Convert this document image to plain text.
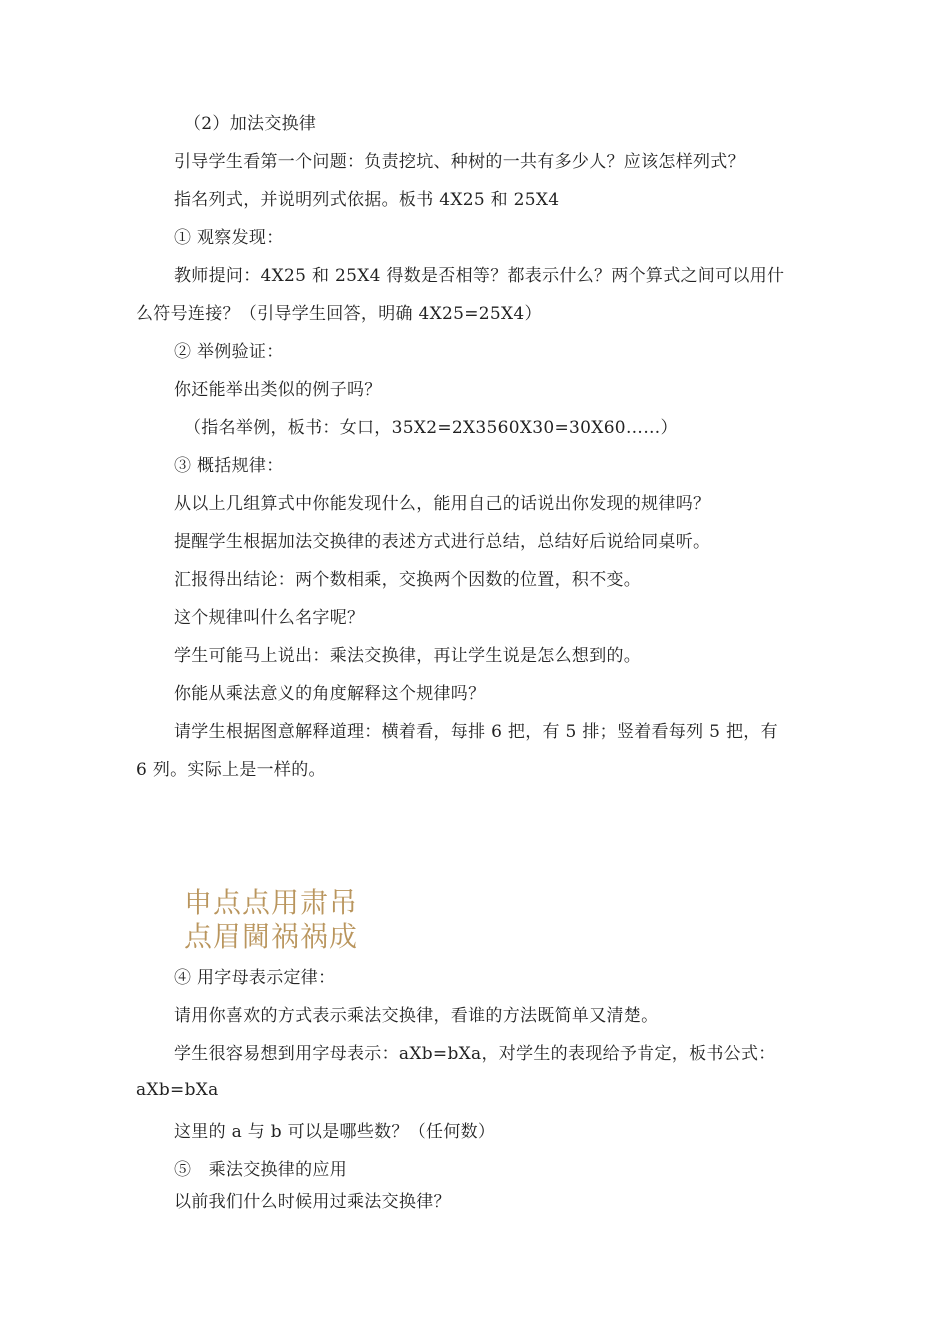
（2）加法交换律
引导学生看第一个问题：负责挖坑、种树的一共有多少人？应该怎样列式？
指名列式，并说明列式依据。板书 4X25 和 25X4
① 观察发现：
教师提问：4X25 和 25X4 得数是否相等？都表示什么？两个算式之间可以用什
么符号连接？（引导学生回答，明确 4X25=25X4）
② 举例验证：
你还能举出类似的例子吗？
（指名举例，板书：女口，35X2=2X3560X30=30X60……）
③ 概括规律：
从以上几组算式中你能发现什么，能用自己的话说出你发现的规律吗？
提醒学生根据加法交换律的表述方式进行总结，总结好后说给同桌听。
汇报得出结论：两个数相乘，交换两个因数的位置，积不变。
这个规律叫什么名字呢？
学生可能马上说出：乘法交换律，再让学生说是怎么想到的。
你能从乘法意义的角度解释这个规律吗？
请学生根据图意解释道理：横着看，每排 6 把，有 5 排；竖着看每列 5 把，有
6 列。实际上是一样的。
申点点用肃吊
点眉閫祸祸成
④ 用字母表示定律：
请用你喜欢的方式表示乘法交换律，看谁的方法既简单又清楚。
学生很容易想到用字母表示：aXb=bXa，对学生的表现给予肯定，板书公式：
aXb=bXa
这里的 a 与 b 可以是哪些数？（任何数）
⑤　乘法交换律的应用
以前我们什么时候用过乘法交换律？
